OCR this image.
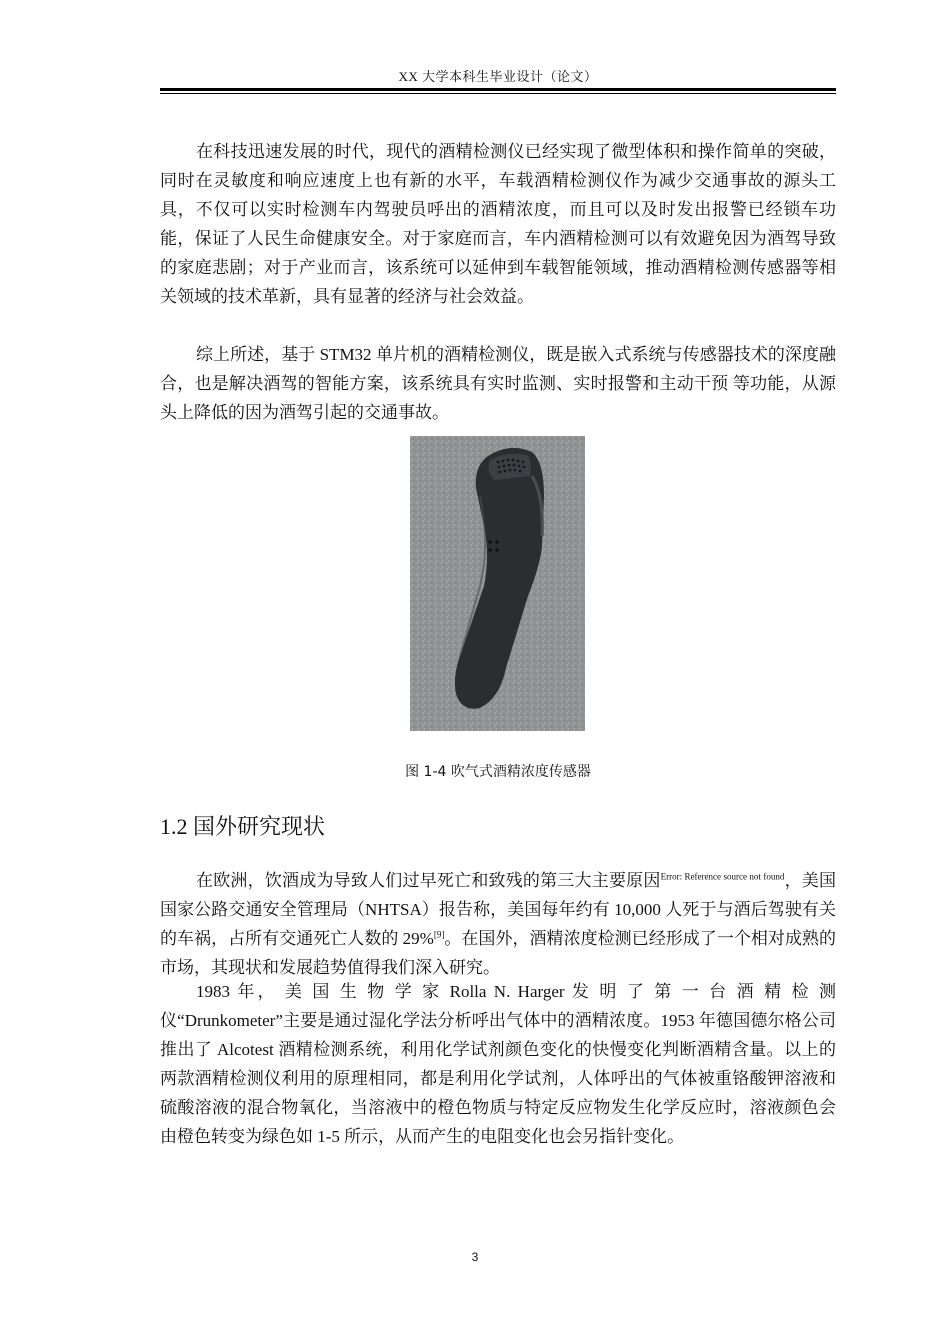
XX 大学本科生毕业设计（论文）

在科技迅速发展的时代，现代的酒精检测仪已经实现了微型体积和操作简单的突破，同时在灵敏度和响应速度上也有新的水平，车载酒精检测仪作为减少交通事故的源头工具，不仅可以实时检测车内驾驶员呼出的酒精浓度，而且可以及时发出报警已经锁车功能，保证了人民生命健康安全。对于家庭而言，车内酒精检测可以有效避免因为酒驾导致的家庭悲剧；对于产业而言，该系统可以延伸到车载智能领域，推动酒精检测传感器等相关领域的技术革新，具有显著的经济与社会效益。

综上所述，基于 STM32 单片机的酒精检测仪，既是嵌入式系统与传感器技术的深度融合，也是解决酒驾的智能方案，该系统具有实时监测、实时报警和主动干预 等功能，从源头上降低的因为酒驾引起的交通事故。

图 1-4 吹气式酒精浓度传感器
1.2 国外研究现状

在欧洲，饮酒成为导致人们过早死亡和致残的第三大主要原因$^{Error: Reference source not found}$，美国国家公路交通安全管理局（NHTSA）报告称，美国每年约有 10,000 人死于与酒后驾驶有关的车祸，占所有交通死亡人数的 29%[9]。在国外，酒精浓度检测已经形成了一个相对成熟的市场，其现状和发展趋势值得我们深入研究。

1983 年， 美 国 生 物 学 家 Rolla N. Harger 发 明 了 第 一 台 酒 精 检 测 仪“Drunkometer”主要是通过湿化学法分析呼出气体中的酒精浓度。1953 年德国德尔格公司推出了 Alcotest 酒精检测系统，利用化学试剂颜色变化的快慢变化判断酒精含量。以上的两款酒精检测仪利用的原理相同，都是利用化学试剂，人体呼出的气体被重铬酸钾溶液和硫酸溶液的混合物氧化，当溶液中的橙色物质与特定反应物发生化学反应时，溶液颜色会由橙色转变为绿色如 1-5 所示，从而产生的电阻变化也会另指针变化。

3
